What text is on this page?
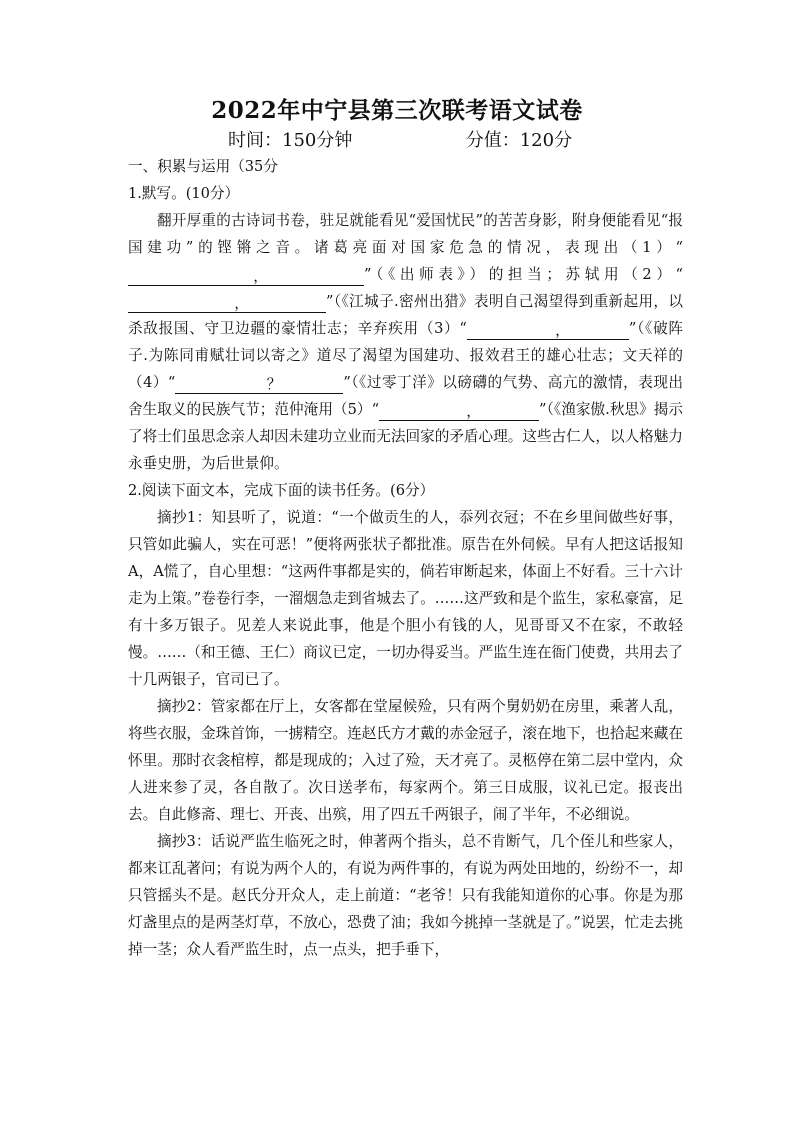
2022年中宁县第三次联考语文试卷
时间：150分钟	分值：120分

一、积累与运用（35分

1.默写。(10分）

翻开厚重的古诗词书卷，驻足就能看见“爱国忧民”的苦苦身影，附身便能看见“报国建功”的铿锵之音。诸葛亮面对国家危急的情况，表现出（1）“，	”（《出师表》）的担当；苏轼用（2）“，	”（《江城子.密州出猎》表明自己渴望得到重新起用，以杀敌报国、守卫边疆的豪情壮志；辛弃疾用（3）“	，	”（《破阵子.为陈同甫赋壮词以寄之》道尽了渴望为国建功、报效君王的雄心壮志；文天祥的（4）“	？	”（《过零丁洋》以磅礴的气势、高亢的激情，表现出舍生取义的民族气节；范仲淹用（5）“	，	”（《渔家傲.秋思》揭示了将士们虽思念亲人却因未建功立业而无法回家的矛盾心理。这些古仁人，以人格魅力永垂史册，为后世景仰。

2.阅读下面文本，完成下面的读书任务。(6分）

摘抄1：知县听了，说道：“一个做贡生的人，忝列衣冠；不在乡里间做些好事，只管如此骗人，实在可恶！”便将两张状子都批准。原告在外伺候。早有人把这话报知A，A慌了，自心里想：“这两件事都是实的，倘若审断起来，体面上不好看。三十六计走为上策。”卷卷行李，一溜烟急走到省城去了。……这严致和是个监生，家私豪富，足有十多万银子。见差人来说此事，他是个胆小有钱的人，见哥哥又不在家，不敢轻慢。……（和王德、王仁）商议已定，一切办得妥当。严监生连在衙门使费，共用去了十几两银子，官司已了。

摘抄2：管家都在厅上，女客都在堂屋候殓，只有两个舅奶奶在房里，乘著人乱，将些衣服，金珠首饰，一掳精空。连赵氏方才戴的赤金冠子，滚在地下，也拾起来藏在怀里。那时衣衾棺椁，都是现成的；入过了殓，天才亮了。灵柩停在第二层中堂内，众人进来参了灵，各自散了。次日送孝布，每家两个。第三日成服，议礼已定。报丧出去。自此修斋、理七、开丧、出殡，用了四五千两银子，闹了半年，不必细说。

摘抄3：话说严监生临死之时，伸著两个指头，总不肯断气，几个侄儿和些家人，都来讧乱著问；有说为两个人的，有说为两件事的，有说为两处田地的，纷纷不一，却只管摇头不是。赵氏分开众人，走上前道：“老爷！只有我能知道你的心事。你是为那灯盏里点的是两茎灯草，不放心，恐费了油；我如今挑掉一茎就是了。”说罢，忙走去挑掉一茎；众人看严监生时，点一点头，把手垂下，
